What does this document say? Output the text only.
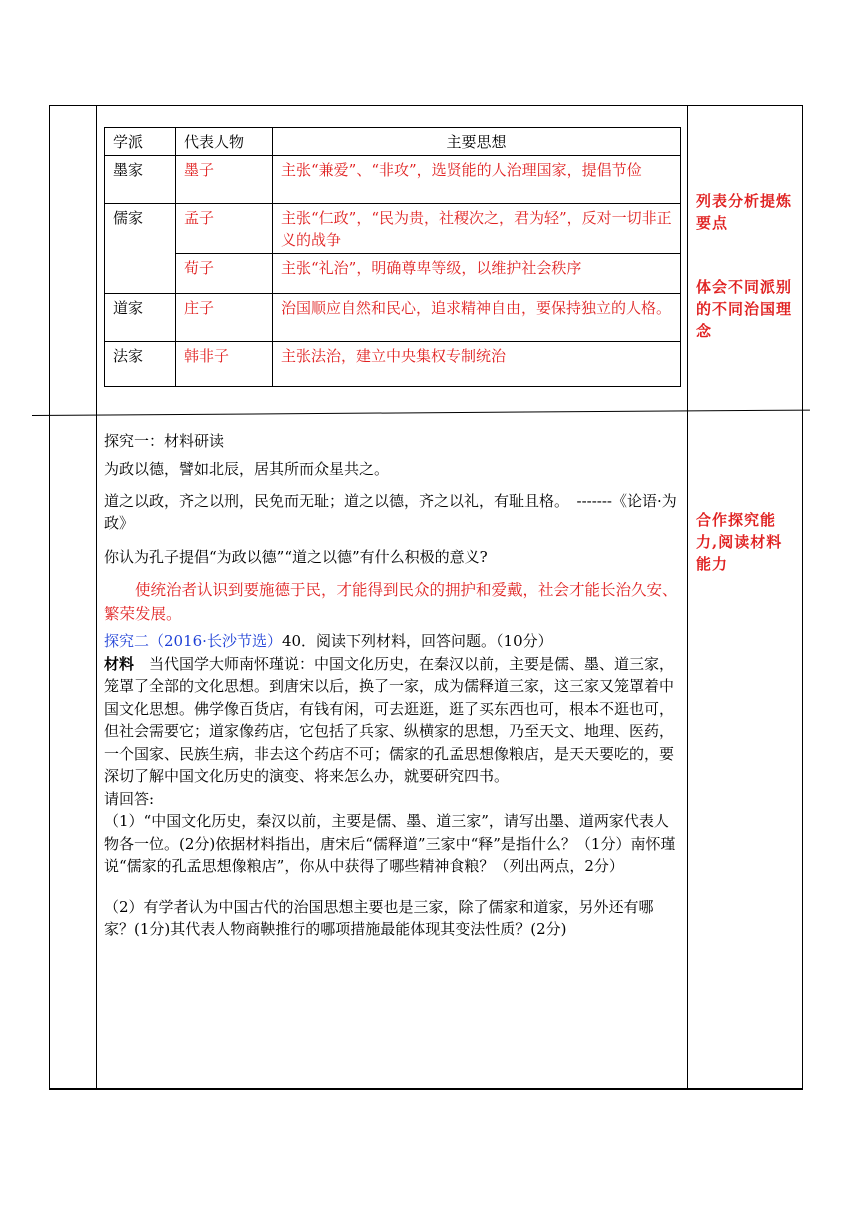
学派	代表人物	主要思想
墨家	墨子	主张“兼爱”、“非攻”，选贤能的人治理国家，提倡节俭
儒家	孟子	主张“仁政”，“民为贵，社稷次之，君为轻”，反对一切非正义的战争
	荀子	主张“礼治”，明确尊卑等级，以维护社会秩序
道家	庄子	治国顺应自然和民心，追求精神自由，要保持独立的人格。
法家	韩非子	主张法治，建立中央集权专制统治
列表分析提炼要点
体会不同派别的不同治国理念
合作探究能力,阅读材料能力

探究一：材料研读

为政以德，譬如北辰，居其所而众星共之。

道之以政，齐之以刑，民免而无耻；道之以德，齐之以礼，有耻且格。　-------《论语·为政》

你认为孔子提倡“为政以德”“道之以德”有什么积极的意义?

使统治者认识到要施德于民，才能得到民众的拥护和爱戴，社会才能长治久安、繁荣发展。

探究二（2016·长沙节选）40．阅读下列材料，回答问题。（10分）

材料　当代国学大师南怀瑾说：中国文化历史，在秦汉以前，主要是儒、墨、道三家，笼罩了全部的文化思想。到唐宋以后，换了一家，成为儒释道三家，这三家又笼罩着中国文化思想。佛学像百货店，有钱有闲，可去逛逛，逛了买东西也可，根本不逛也可，但社会需要它；道家像药店，它包括了兵家、纵横家的思想，乃至天文、地理、医药，一个国家、民族生病，非去这个药店不可；儒家的孔孟思想像粮店，是天天要吃的，要深切了解中国文化历史的演变、将来怎么办，就要研究四书。

请回答:

（1）“中国文化历史，秦汉以前，主要是儒、墨、道三家”，请写出墨、道两家代表人物各一位。(2分)依据材料指出，唐宋后“儒释道”三家中“释”是指什么？（1分）南怀瑾说“儒家的孔孟思想像粮店”，你从中获得了哪些精神食粮？（列出两点，2分）

（2）有学者认为中国古代的治国思想主要也是三家，除了儒家和道家，另外还有哪家？(1分)其代表人物商鞅推行的哪项措施最能体现其变法性质？(2分)
